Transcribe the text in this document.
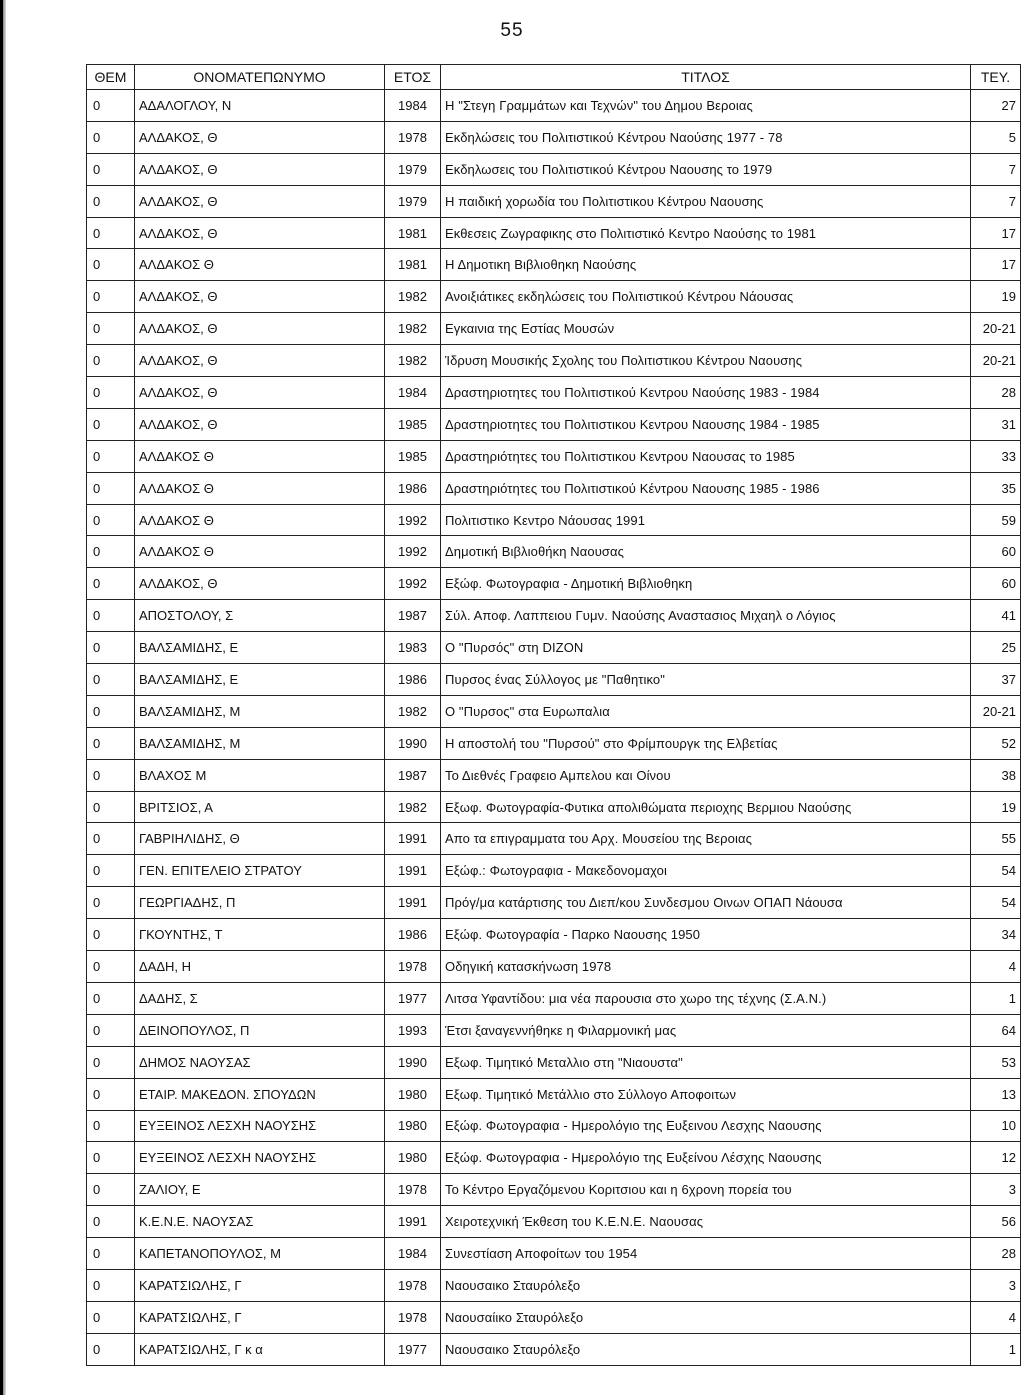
55
ΘΕΜ	ΟΝΟΜΑΤΕΠΩΝΥΜΟ	ΕΤΟΣ	ΤΙΤΛΟΣ	ΤΕΥ.
0	ΑΔΑΛΟΓΛΟΥ, Ν	1984	Η "Στεγη Γραμμάτων και Τεχνών" του Δημου Βεροιας	27
0	ΑΛΔΑΚΟΣ, Θ	1978	Εκδηλώσεις του Πολιτιστικού Κέντρου Ναούσης 1977 - 78	5
0	ΑΛΔΑΚΟΣ, Θ	1979	Εκδηλωσεις του Πολιτιστικού Κέντρου Ναουσης το 1979	7
0	ΑΛΔΑΚΟΣ, Θ	1979	Η παιδική χορωδία του Πολιτιστικου Κέντρου Ναουσης	7
0	ΑΛΔΑΚΟΣ, Θ	1981	Εκθεσεις Ζωγραφικης στο Πολιτιστικό Κεντρο Ναούσης το 1981	17
0	ΑΛΔΑΚΟΣ Θ	1981	Η Δημοτικη Βιβλιοθηκη Ναούσης	17
0	ΑΛΔΑΚΟΣ, Θ	1982	Ανοιξιάτικες εκδηλώσεις του Πολιτιστικού Κέντρου Νάουσας	19
0	ΑΛΔΑΚΟΣ, Θ	1982	Εγκαινια της Εστίας Μουσών	20-21
0	ΑΛΔΑΚΟΣ, Θ	1982	Ίδρυση Μουσικής Σχολης του Πολιτιστικου Κέντρου Ναουσης	20-21
0	ΑΛΔΑΚΟΣ, Θ	1984	Δραστηριοτητες του Πολιτιστικού Κεντρου Ναούσης 1983 - 1984	28
0	ΑΛΔΑΚΟΣ, Θ	1985	Δραστηριοτητες του Πολιτιστικου Κεντρου Ναουσης 1984 - 1985	31
0	ΑΛΔΑΚΟΣ Θ	1985	Δραστηριότητες του Πολιτιστικου Κεντρου Ναουσας το 1985	33
0	ΑΛΔΑΚΟΣ Θ	1986	Δραστηριότητες του Πολιτιστικού Κέντρου Ναουσης 1985 - 1986	35
0	ΑΛΔΑΚΟΣ Θ	1992	Πολιτιστικο Κεντρο Νάουσας 1991	59
0	ΑΛΔΑΚΟΣ Θ	1992	Δημοτική Βιβλιοθήκη Ναουσας	60
0	ΑΛΔΑΚΟΣ, Θ	1992	Εξώφ. Φωτογραφια - Δημοτική Βιβλιοθηκη	60
0	ΑΠΟΣΤΟΛΟΥ, Σ	1987	Σύλ. Αποφ. Λαππειου Γυμν. Ναούσης Αναστασιος Μιχαηλ ο Λόγιος	41
0	ΒΑΛΣΑΜΙΔΗΣ, Ε	1983	Ο "Πυρσός" στη DIZON	25
0	ΒΑΛΣΑΜΙΔΗΣ, Ε	1986	Πυρσος ένας Σύλλογος με "Παθητικο"	37
0	ΒΑΛΣΑΜΙΔΗΣ, Μ	1982	Ο "Πυρσος" στα Ευρωπαλια	20-21
0	ΒΑΛΣΑΜΙΔΗΣ, Μ	1990	Η αποστολή του "Πυρσού" στο Φρίμπουργκ της Ελβετίας	52
0	ΒΛΑΧΟΣ Μ	1987	Το Διεθνές Γραφειο Αμπελου και Οίνου	38
0	ΒΡΙΤΣΙΟΣ, Α	1982	Εξωφ. Φωτογραφία-Φυτικα απολιθώματα περιοχης Βερμιου Ναούσης	19
0	ΓΑΒΡΙΗΛΙΔΗΣ, Θ	1991	Απο τα επιγραμματα του Αρχ. Μουσείου της Βεροιας	55
0	ΓΕΝ. ΕΠΙΤΕΛΕΙΟ ΣΤΡΑΤΟΥ	1991	Εξώφ.: Φωτογραφια - Μακεδονομαχοι	54
0	ΓΕΩΡΓΙΑΔΗΣ, Π	1991	Πρόγ/μα κατάρτισης του Διεπ/κου Συνδεσμου Οινων ΟΠΑΠ Νάουσα	54
0	ΓΚΟΥΝΤΗΣ, Τ	1986	Εξώφ. Φωτογραφία - Παρκο Ναουσης 1950	34
0	ΔΑΔΗ, Η	1978	Οδηγική κατασκήνωση 1978	4
0	ΔΑΔΗΣ, Σ	1977	Λιτσα Υφαντίδου: μια νέα παρουσια στο χωρο της τέχνης (Σ.Α.Ν.)	1
0	ΔΕΙΝΟΠΟΥΛΟΣ, Π	1993	Έτσι ξαναγεννήθηκε η Φιλαρμονική μας	64
0	ΔΗΜΟΣ ΝΑΟΥΣΑΣ	1990	Εξωφ. Τιμητικό Μεταλλιο στη "Νιαουστα"	53
0	ΕΤΑΙΡ. ΜΑΚΕΔΟΝ. ΣΠΟΥΔΩΝ	1980	Εξωφ. Τιμητικό Μετάλλιο στο Σύλλογο Αποφοιτων	13
0	ΕΥΞΕΙΝΟΣ ΛΕΣΧΗ ΝΑΟΥΣΗΣ	1980	Εξώφ. Φωτογραφια - Ημερολόγιο της Ευξεινου Λεσχης Ναουσης	10
0	ΕΥΞΕΙΝΟΣ ΛΕΣΧΗ ΝΑΟΥΣΗΣ	1980	Εξώφ. Φωτογραφια - Ημερολόγιο της Ευξείνου Λέσχης Ναουσης	12
0	ΖΑΛΙΟΥ, Ε	1978	Το Κέντρο Εργαζόμενου Κοριτσιου και η 6χρονη πορεία του	3
0	Κ.Ε.Ν.Ε. ΝΑΟΥΣΑΣ	1991	Χειροτεχνική Έκθεση του Κ.Ε.Ν.Ε. Ναουσας	56
0	ΚΑΠΕΤΑΝΟΠΟΥΛΟΣ, Μ	1984	Συνεστίαση Αποφοίτων του 1954	28
0	ΚΑΡΑΤΣΙΩΛΗΣ, Γ	1978	Ναουσαικο Σταυρόλεξο	3
0	ΚΑΡΑΤΣΙΩΛΗΣ, Γ	1978	Ναουσαίικο Σταυρόλεξο	4
0	ΚΑΡΑΤΣΙΩΛΗΣ, Γ κ α	1977	Ναουσαικο Σταυρόλεξο	1
